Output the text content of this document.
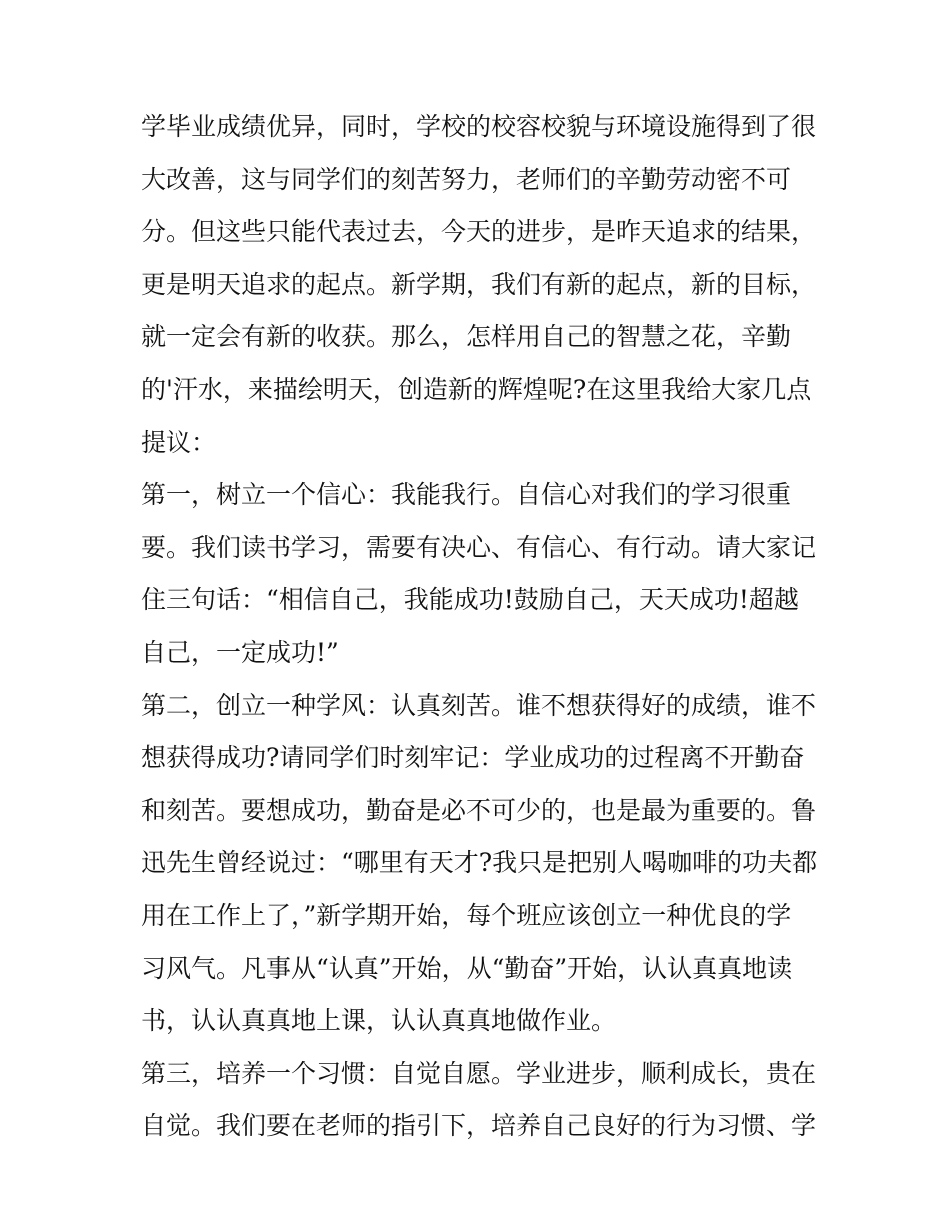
学毕业成绩优异，同时，学校的校容校貌与环境设施得到了很
大改善，这与同学们的刻苦努力，老师们的辛勤劳动密不可
分。但这些只能代表过去，今天的进步，是昨天追求的结果，
更是明天追求的起点。新学期，我们有新的起点，新的目标，
就一定会有新的收获。那么，怎样用自己的智慧之花，辛勤
的'汗水，来描绘明天，创造新的辉煌呢?在这里我给大家几点
提议：
第一，树立一个信心：我能我行。自信心对我们的学习很重
要。我们读书学习，需要有决心、有信心、有行动。请大家记
住三句话：“相信自己，我能成功!鼓励自己，天天成功!超越
自己，一定成功!”
第二，创立一种学风：认真刻苦。谁不想获得好的成绩，谁不
想获得成功?请同学们时刻牢记：学业成功的过程离不开勤奋
和刻苦。要想成功，勤奋是必不可少的，也是最为重要的。鲁
迅先生曾经说过：“哪里有天才?我只是把别人喝咖啡的功夫都
用在工作上了，”新学期开始，每个班应该创立一种优良的学
习风气。凡事从“认真”开始，从“勤奋”开始，认认真真地读
书，认认真真地上课，认认真真地做作业。
第三，培养一个习惯：自觉自愿。学业进步，顺利成长，贵在
自觉。我们要在老师的指引下，培养自己良好的行为习惯、学
